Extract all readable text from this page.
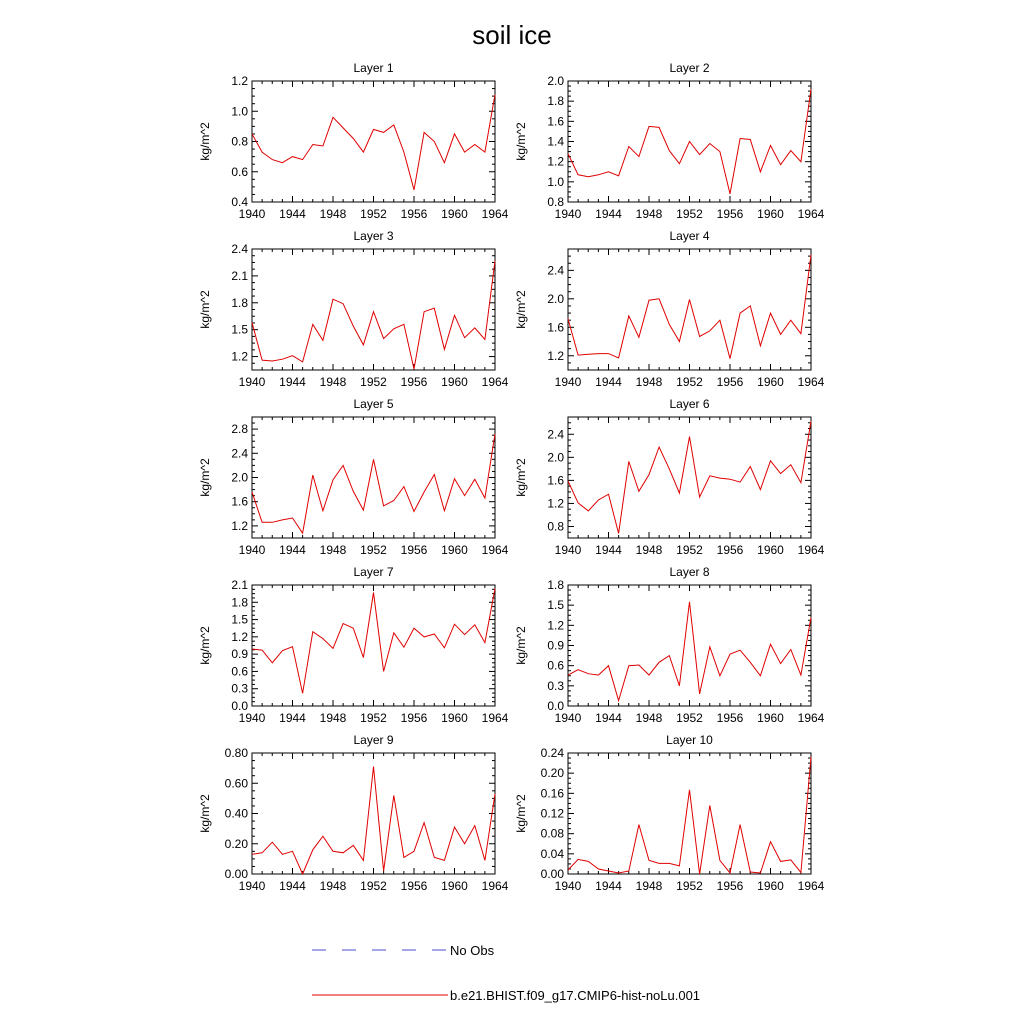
soil ice
Layer 1
kg/m^2
1940 1944 1948 1952 1956 1960 1964
0.4
0.6
0.8
1.0
1.2
Layer 2
kg/m^2
1940 1944 1948 1952 1956 1960 1964
0.8
1.0
1.2
1.4
1.6
1.8
2.0
Layer 3
kg/m^2
1940 1944 1948 1952 1956 1960 1964
1.2
1.5
1.8
2.1
2.4
Layer 4
kg/m^2
1940 1944 1948 1952 1956 1960 1964
1.2
1.6
2.0
2.4
Layer 5
kg/m^2
1940 1944 1948 1952 1956 1960 1964
1.2
1.6
2.0
2.4
2.8
Layer 6
kg/m^2
1940 1944 1948 1952 1956 1960 1964
0.8
1.2
1.6
2.0
2.4
Layer 7
kg/m^2
1940 1944 1948 1952 1956 1960 1964
0.0
0.3
0.6
0.9
1.2
1.5
1.8
2.1
Layer 8
kg/m^2
1940 1944 1948 1952 1956 1960 1964
0.0
0.3
0.6
0.9
1.2
1.5
1.8
Layer 9
kg/m^2
1940 1944 1948 1952 1956 1960 1964
0.00
0.20
0.40
0.60
0.80
Layer 10
kg/m^2
1940 1944 1948 1952 1956 1960 1964
0.00
0.04
0.08
0.12
0.16
0.20
0.24
No Obs
b.e21.BHIST.f09_g17.CMIP6-hist-noLu.001
